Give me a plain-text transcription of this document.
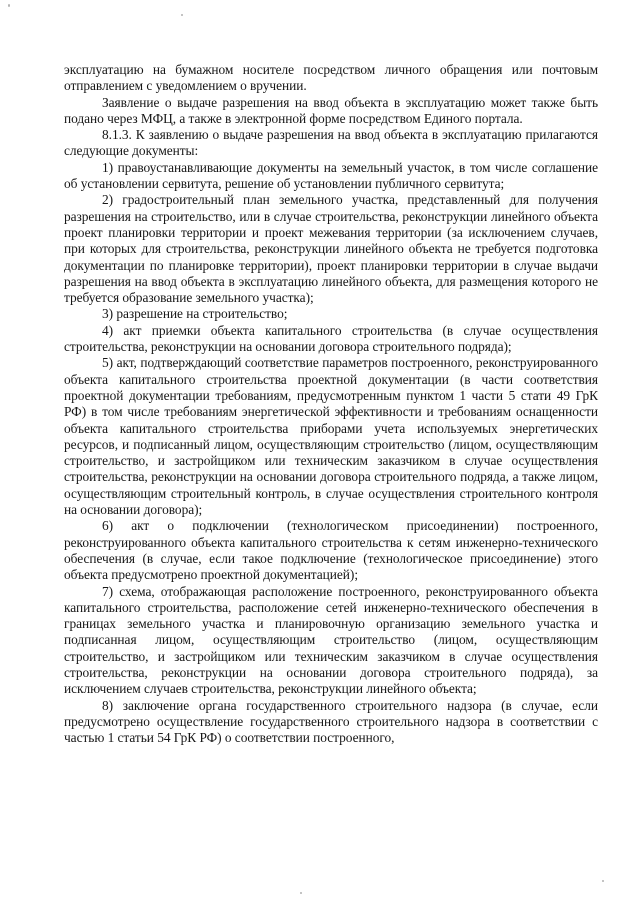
эксплуатацию на бумажном носителе посредством личного обращения или почтовым отправлением с уведомлением о вручении.

Заявление о выдаче разрешения на ввод объекта в эксплуатацию может также быть подано через МФЦ, а также в электронной форме посредством Единого портала.

8.1.3. К заявлению о выдаче разрешения на ввод объекта в эксплуатацию прилагаются следующие документы:

1) правоустанавливающие документы на земельный участок, в том числе соглашение об установлении сервитута, решение об установлении публичного сервитута;

2) градостроительный план земельного участка, представленный для получения разрешения на строительство, или в случае строительства, реконструкции линейного объекта проект планировки территории и проект межевания территории (за исключением случаев, при которых для строительства, реконструкции линейного объекта не требуется подготовка документации по планировке территории), проект планировки территории в случае выдачи разрешения на ввод объекта в эксплуатацию линейного объекта, для размещения которого не требуется образование земельного участка);

3) разрешение на строительство;

4) акт приемки объекта капитального строительства (в случае осуществления строительства, реконструкции на основании договора строительного подряда);

5) акт, подтверждающий соответствие параметров построенного, реконструированного объекта капитального строительства проектной документации (в части соответствия проектной документации требованиям, предусмотренным пунктом 1 части 5 стати 49 ГрК РФ) в том числе требованиям энергетической эффективности и требованиям оснащенности объекта капитального строительства приборами учета используемых энергетических ресурсов, и подписанный лицом, осуществляющим строительство (лицом, осуществляющим строительство, и застройщиком или техническим заказчиком в случае осуществления строительства, реконструкции на основании договора строительного подряда, а также лицом, осуществляющим строительный контроль, в случае осуществления строительного контроля на основании договора);

6) акт о подключении (технологическом присоединении) построенного, реконструированного объекта капитального строительства к сетям инженерно-технического обеспечения (в случае, если такое подключение (технологическое присоединение) этого объекта предусмотрено проектной документацией);

7) схема, отображающая расположение построенного, реконструированного объекта капитального строительства, расположение сетей инженерно-технического обеспечения в границах земельного участка и планировочную организацию земельного участка и подписанная лицом, осуществляющим строительство (лицом, осуществляющим строительство, и застройщиком или техническим заказчиком в случае осуществления строительства, реконструкции на основании договора строительного подряда), за исключением случаев строительства, реконструкции линейного объекта;

8) заключение органа государственного строительного надзора (в случае, если предусмотрено осуществление государственного строительного надзора в соответствии с частью 1 статьи 54 ГрК РФ) о соответствии построенного,
